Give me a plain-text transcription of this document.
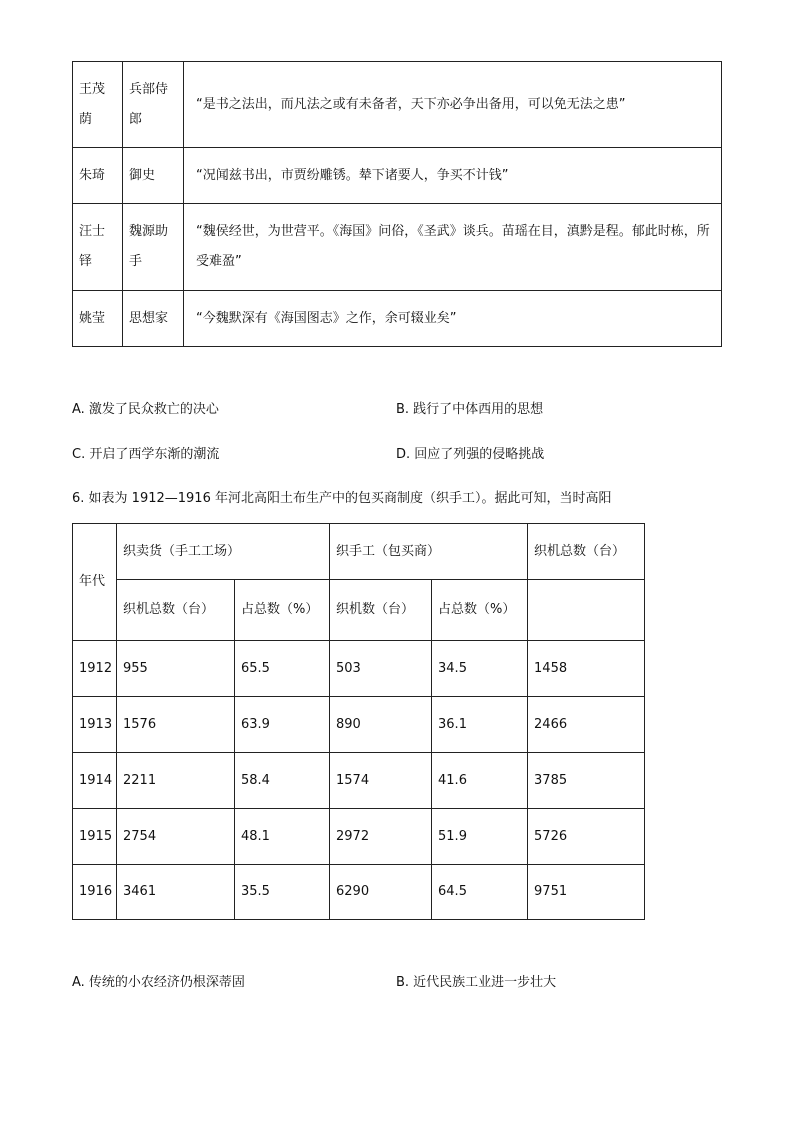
王茂荫	兵部侍郎	“是书之法出，而凡法之或有未备者，天下亦必争出备用，可以免无法之患”
朱琦	御史	“况闻兹书出，市贾纷雕锈。辇下诸要人，争买不计钱”
汪士铎	魏源助手	“魏侯经世，为世营平。《海国》问俗，《圣武》谈兵。苗瑶在目，滇黔是程。郁此时栋，所受难盈”
姚莹	思想家	“今魏默深有《海国图志》之作，余可辍业矣”
A. 激发了民众救亡的决心	B. 践行了中体西用的思想
C. 开启了西学东渐的潮流	D. 回应了列强的侵略挑战
6. 如表为 1912—1916 年河北高阳土布生产中的包买商制度（织手工）。据此可知，当时高阳
年代	织卖货（手工工场）		织手工（包买商）		织机总数（台）
	织机总数（台）	占总数（%）	织机数（台）	占总数（%）	
1912	955	65.5	503	34.5	1458
1913	1576	63.9	890	36.1	2466
1914	2211	58.4	1574	41.6	3785
1915	2754	48.1	2972	51.9	5726
1916	3461	35.5	6290	64.5	9751
A. 传统的小农经济仍根深蒂固	B. 近代民族工业进一步壮大
